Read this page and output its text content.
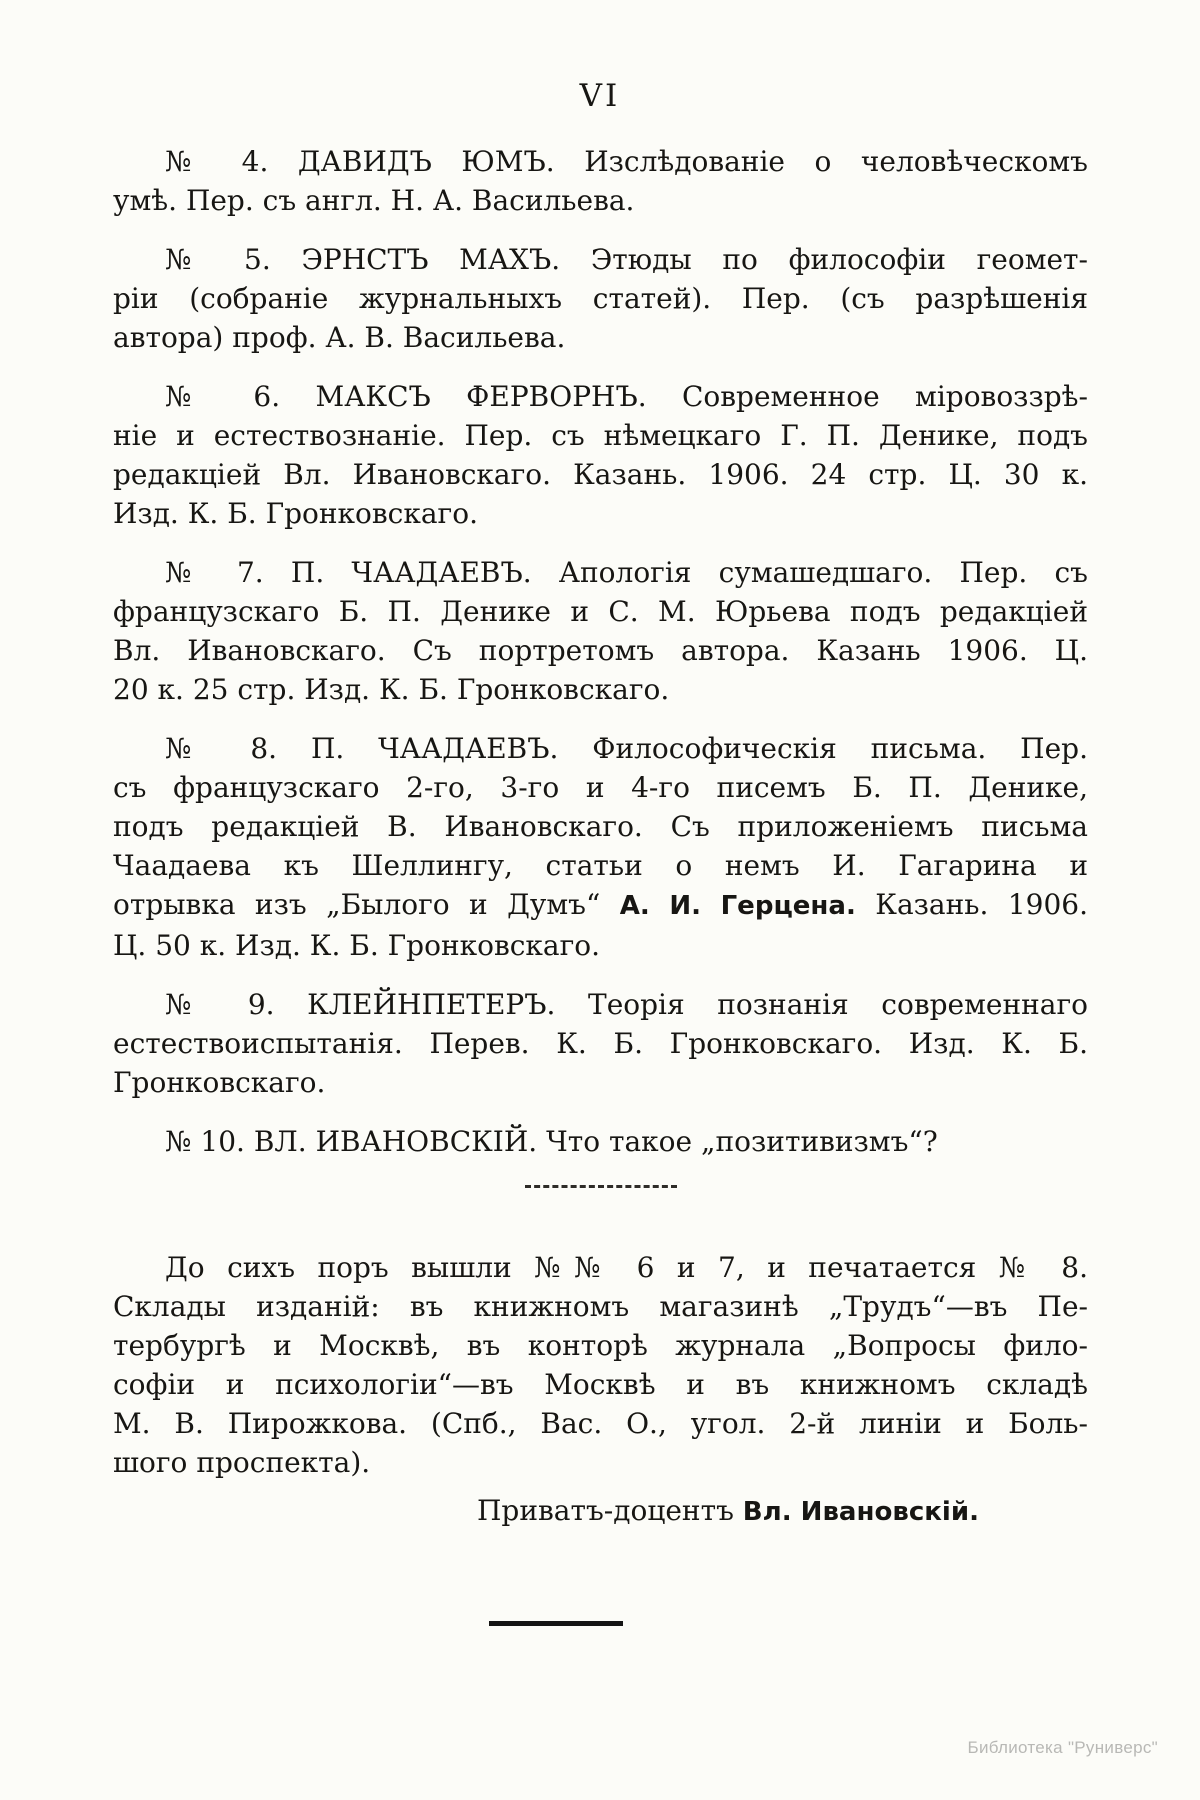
VI
№ 4. ДАВИДЪ ЮМЪ. Изслѣдованіе о человѣческомъ
умѣ. Пер. съ англ. Н. А. Васильева.
№ 5. ЭРНСТЪ МАХЪ. Этюды по философіи геомет-
ріи (собраніе журнальныхъ статей). Пер. (съ разрѣшенія
автора) проф. А. В. Васильева.
№ 6. МАКСЪ ФЕРВОРНЪ. Современное міровоззрѣ-
ніе и естествознаніе. Пер. съ нѣмецкаго Г. П. Денике, подъ
редакціей Вл. Ивановскаго. Казань. 1906. 24 стр. Ц. 30 к.
Изд. К. Б. Гронковскаго.
№ 7. П. ЧААДАЕВЪ. Апологія сумашедшаго. Пер. съ
французскаго Б. П. Денике и С. М. Юрьева подъ редакціей
Вл. Ивановскаго. Съ портретомъ автора. Казань 1906. Ц.
20 к. 25 стр. Изд. К. Б. Гронковскаго.
№ 8. П. ЧААДАЕВЪ. Философическія письма. Пер.
съ французскаго 2-го, 3-го и 4-го писемъ Б. П. Денике,
подъ редакціей В. Ивановскаго. Съ приложеніемъ письма
Чаадаева къ Шеллингу, статьи о немъ И. Гагарина и
отрывка изъ „Былого и Думъ“ А. И. Герцена. Казань. 1906.
Ц. 50 к. Изд. К. Б. Гронковскаго.
№ 9. КЛЕЙНПЕТЕРЪ. Теорія познанія современнаго
естествоиспытанія. Перев. К. Б. Гронковскаго. Изд. К. Б.
Гронковскаго.
№ 10. ВЛ. ИВАНОВСКІЙ. Что такое „позитивизмъ“?
До сихъ поръ вышли №№ 6 и 7, и печатается № 8.
Склады изданій: въ книжномъ магазинѣ „Трудъ“—въ Пе-
тербургѣ и Москвѣ, въ конторѣ журнала „Вопросы фило-
софіи и психологіи“—въ Москвѣ и въ книжномъ складѣ
М. В. Пирожкова. (Спб., Вас. О., угол. 2-й линіи и Боль-
шого проспекта).
Приватъ-доцентъ Вл. Ивановскій.
Библиотека "Руниверс"
